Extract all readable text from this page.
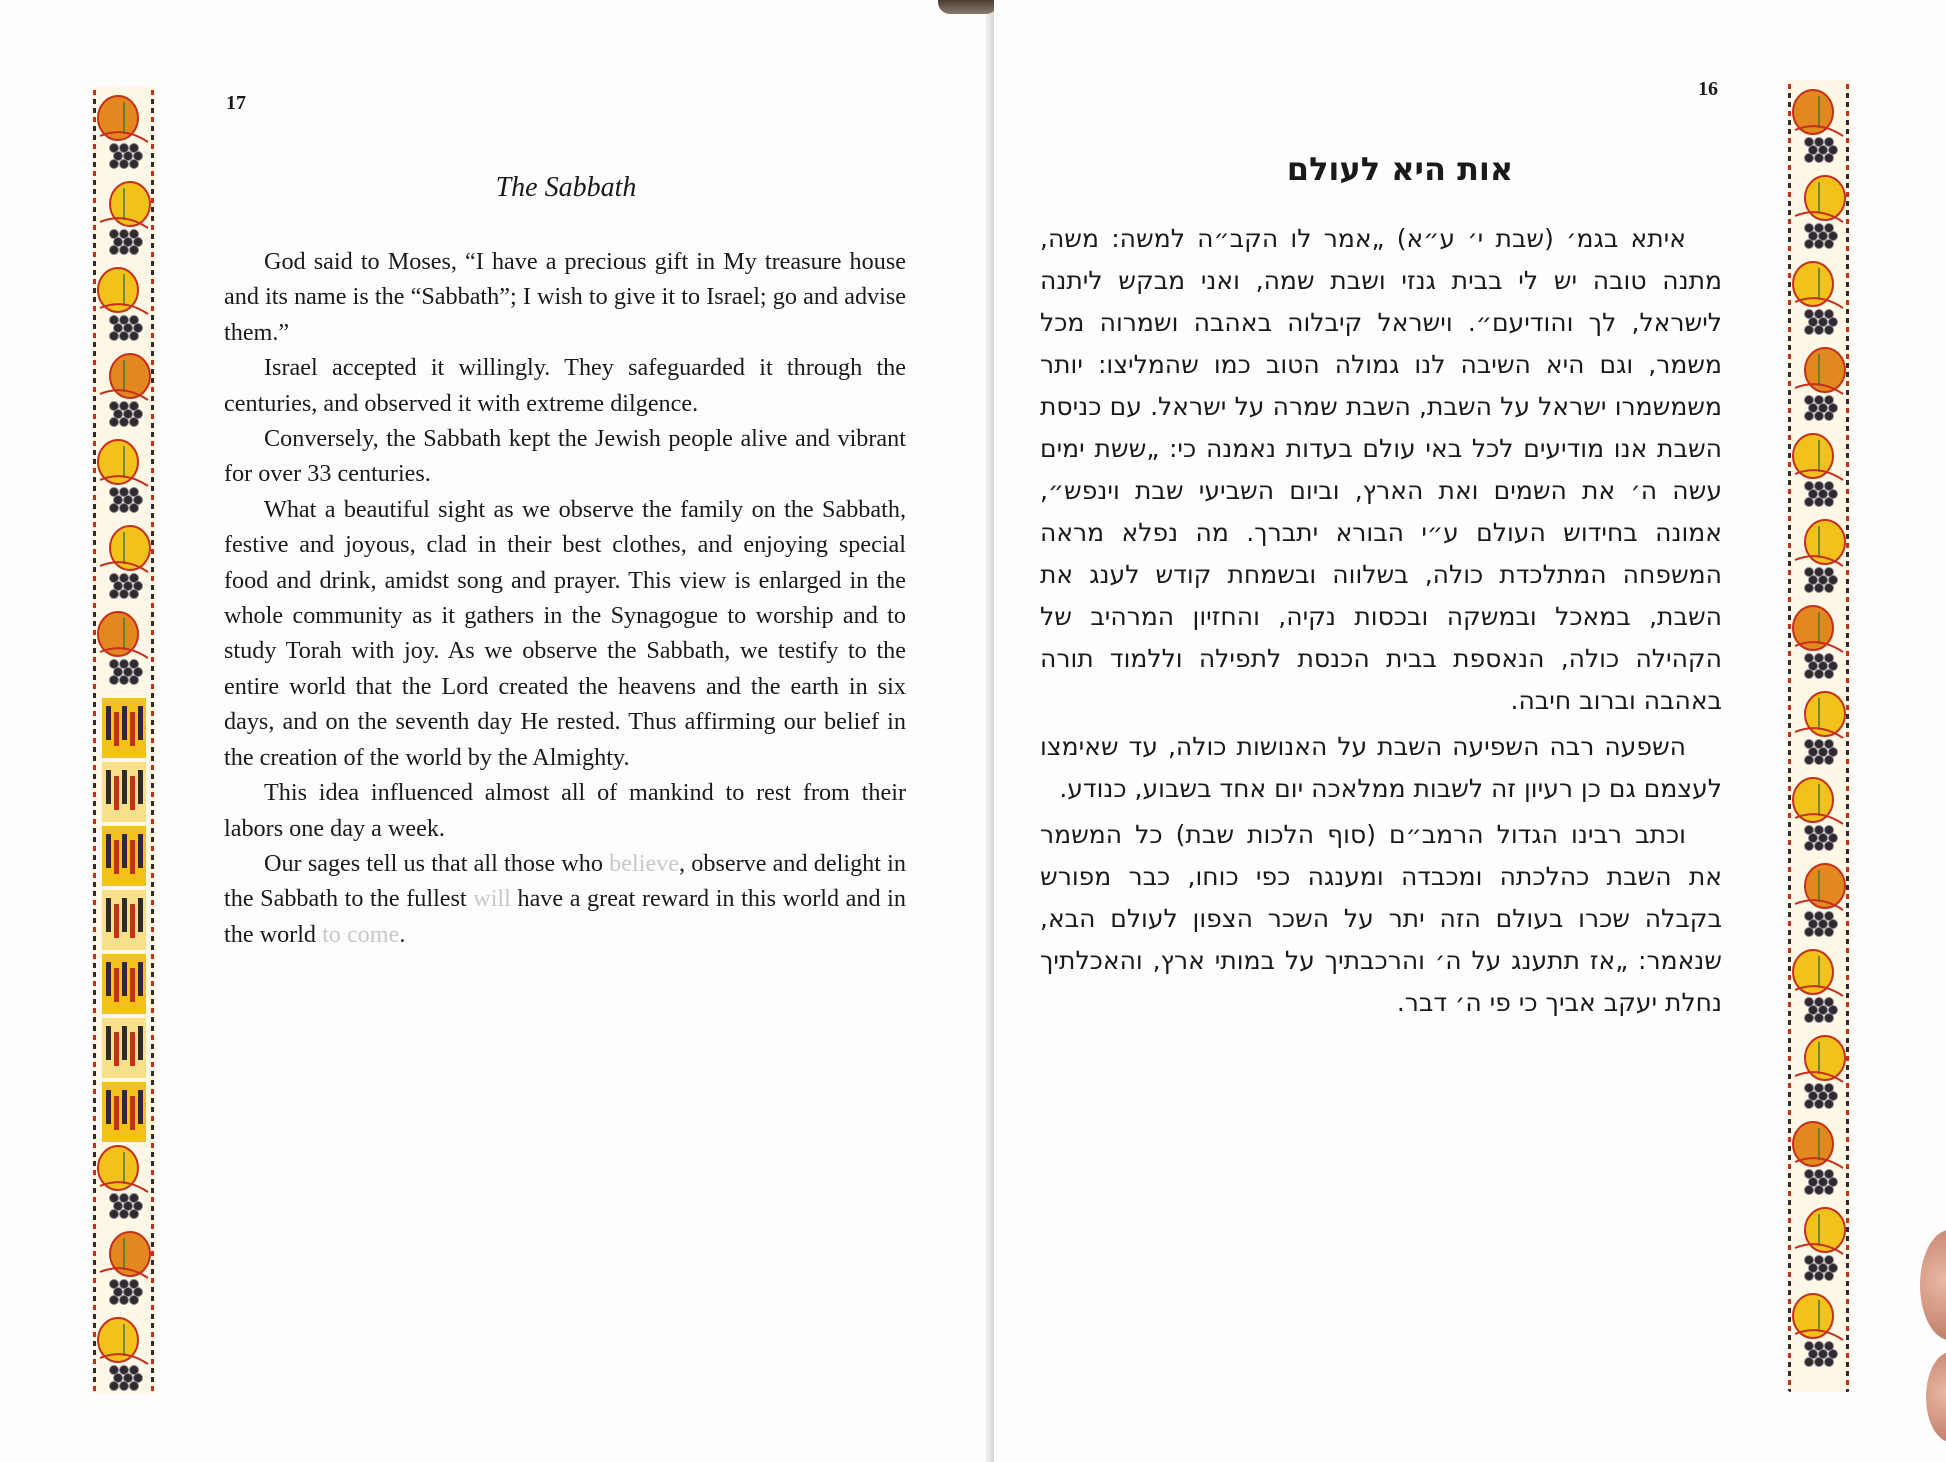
17
The Sabbath

God said to Moses, “I have a precious gift in My treasure house and its name is the “Sabbath”; I wish to give it to Israel; go and advise them.”

Israel accepted it willingly. They safeguarded it through the centuries, and observed it with extreme dilgence.

Conversely, the Sabbath kept the Jewish people alive and vibrant for over 33 centuries.

What a beautiful sight as we observe the family on the Sabbath, festive and joyous, clad in their best clothes, and enjoying special food and drink, amidst song and prayer. This view is enlarged in the whole community as it gathers in the Synagogue to worship and to study Torah with joy. As we observe the Sabbath, we testify to the entire world that the Lord created the heavens and the earth in six days, and on the seventh day He rested. Thus affirming our belief in the creation of the world by the Almighty.

This idea influenced almost all of mankind to rest from their labors one day a week.

Our sages tell us that all those who believe, observe and delight in the Sabbath to the fullest will have a great reward in this world and in the world to come.

16
אות היא לעולם

איתא בגמ׳ (שבת י׳ ע״א) „אמר לו הקב״ה למשה: משה, מתנה טובה יש לי בבית גנזי ושבת שמה, ואני מבקש ליתנה לישראל, לך והודיעם״. וישראל קיבלוה באהבה ושמרוה מכל משמר, וגם היא השיבה לנו גמולה הטוב כמו שהמליצו: יותר משמשמרו ישראל על השבת, השבת שמרה על ישראל. עם כניסת השבת אנו מודיעים לכל באי עולם בעדות נאמנה כי: „ששת ימים עשה ה׳ את השמים ואת הארץ, וביום השביעי שבת וינפש״, אמונה בחידוש העולם ע״י הבורא יתברך. מה נפלא מראה המשפחה המתלכדת כולה, בשלווה ובשמחת קודש לענג את השבת, במאכל ובמשקה ובכסות נקיה, והחזיון המרהיב של הקהילה כולה, הנאספת בבית הכנסת לתפילה וללמוד תורה באהבה וברוב חיבה.

השפעה רבה השפיעה השבת על האנושות כולה, עד שאימצו לעצמם גם כן רעיון זה לשבות ממלאכה יום אחד בשבוע, כנודע.

וכתב רבינו הגדול הרמב״ם (סוף הלכות שבת) כל המשמר את השבת כהלכתה ומכבדה ומענגה כפי כוחו, כבר מפורש בקבלה שכרו בעולם הזה יתר על השכר הצפון לעולם הבא, שנאמר: „אז תתענג על ה׳ והרכבתיך על במותי ארץ, והאכלתיך נחלת יעקב אביך כי פי ה׳ דבר.
